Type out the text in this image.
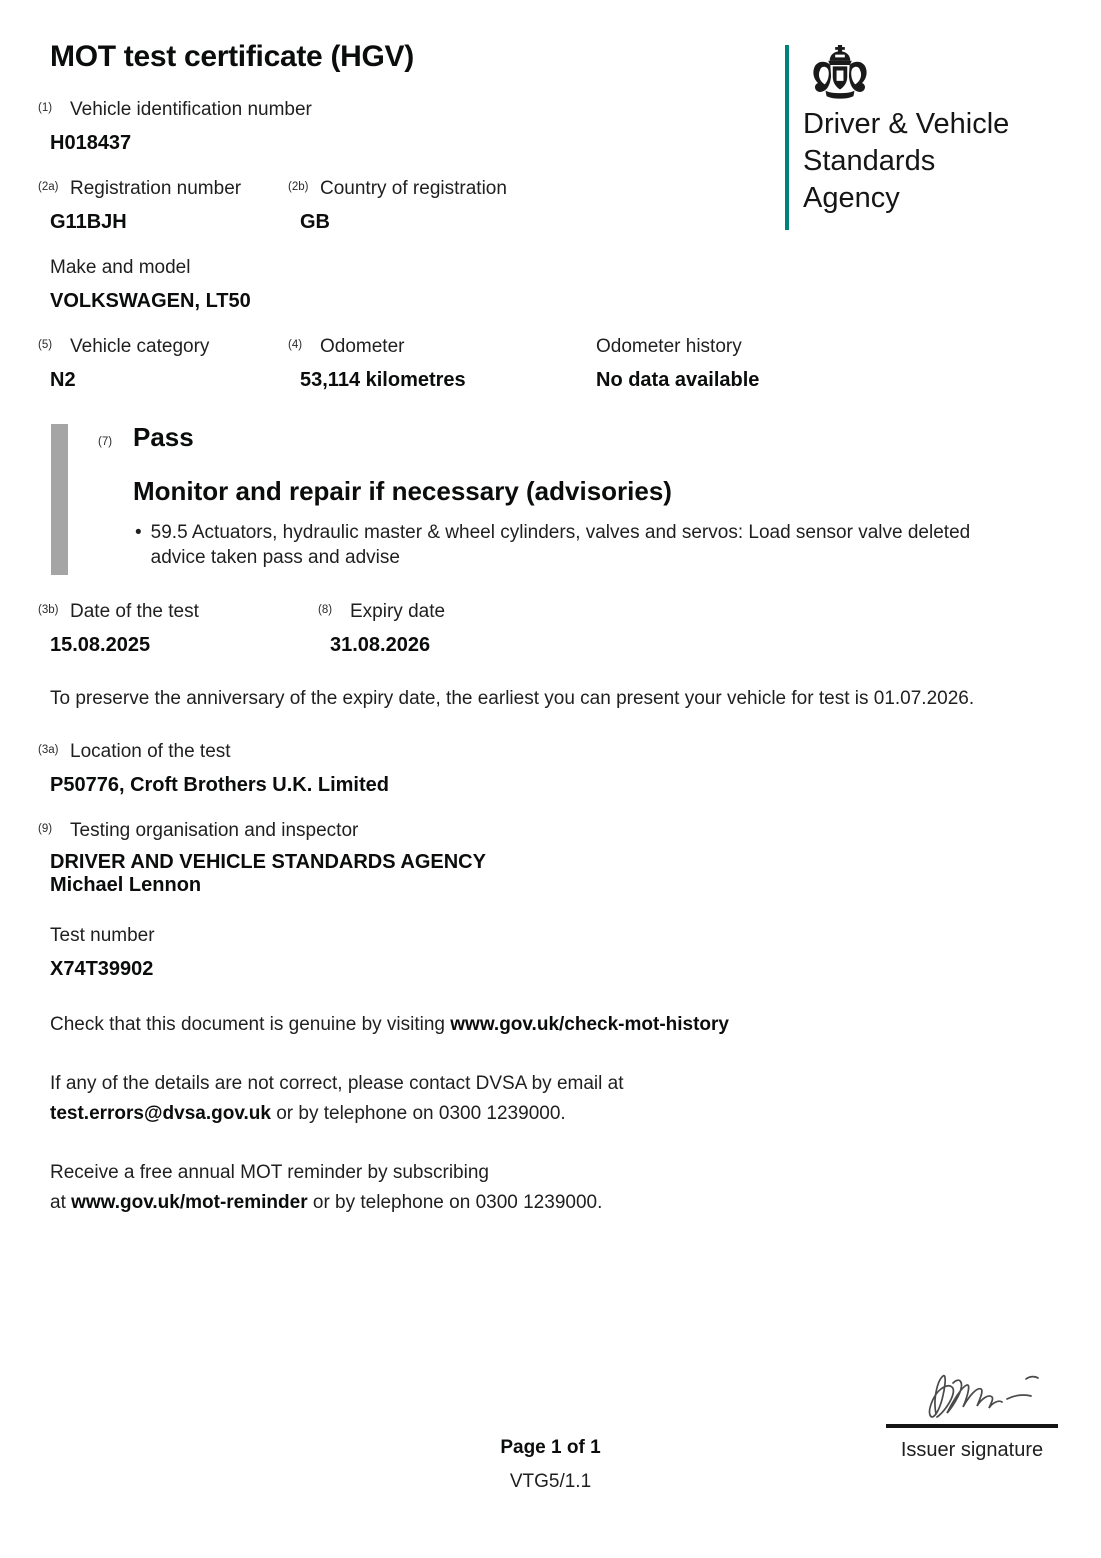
Driver & Vehicle
Standards
Agency
MOT test certificate (HGV)
(1) Vehicle identification number
H018437
(2a) Registration number
G11BJH
(2b) Country of registration
GB
Make and model
VOLKSWAGEN, LT50
(5) Vehicle category
N2
(4) Odometer
53,114 kilometres
Odometer history
No data available
(7) Pass
Monitor and repair if necessary (advisories)
• 59.5 Actuators, hydraulic master & wheel cylinders, valves and servos: Load sensor valve deleted advice taken pass and advise
(3b) Date of the test
15.08.2025
(8) Expiry date
31.08.2026

To preserve the anniversary of the expiry date, the earliest you can present your vehicle for test is 01.07.2026.

(3a) Location of the test
P50776, Croft Brothers U.K. Limited
(9) Testing organisation and inspector
DRIVER AND VEHICLE STANDARDS AGENCY
Michael Lennon
Test number
X74T39902

Check that this document is genuine by visiting www.gov.uk/check-mot-history

If any of the details are not correct, please contact DVSA by email at
test.errors@dvsa.gov.uk or by telephone on 0300 1239000.

Receive a free annual MOT reminder by subscribing
at www.gov.uk/mot-reminder or by telephone on 0300 1239000.

Page 1 of 1
VTG5/1.1
Issuer signature
